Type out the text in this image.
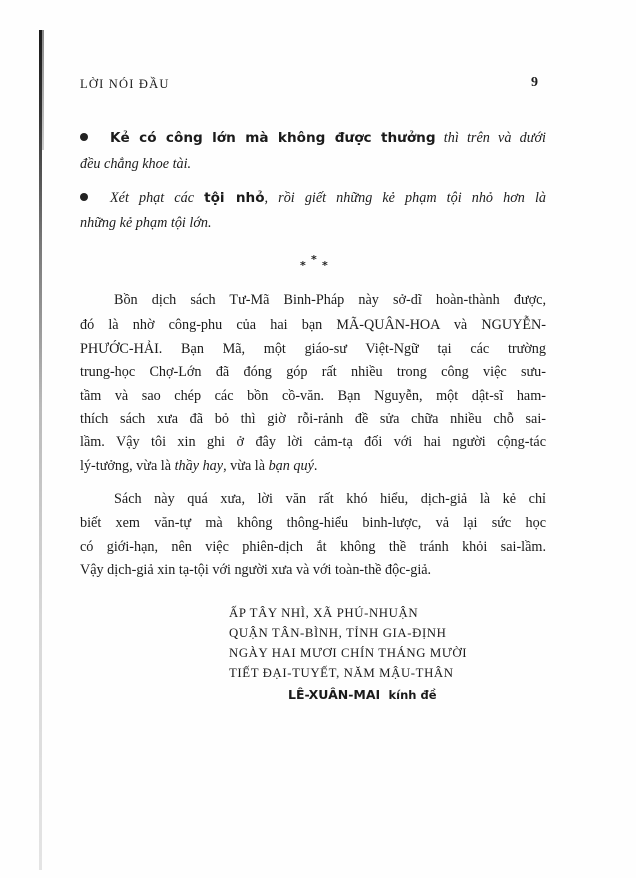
LỜI NÓI ĐẦU	9
Kẻ có công lớn mà không được thưởng thì trên và dưới
đều chẳng khoe tài.
Xét phạt các tội nhỏ, rồi giết những kẻ phạm tội nhỏ hơn là
những kẻ phạm tội lớn.
* * *
Bồn dịch sách Tư-Mã Binh-Pháp này sở-dĩ hoàn-thành được,
đó là nhờ công-phu của hai bạn MÃ-QUÂN-HOA và NGUYỄN-
PHƯỚC-HẢI. Bạn Mã, một giáo-sư Việt-Ngữ tại các trường
trung-học Chợ-Lớn đã đóng góp rất nhiều trong công việc sưu-
tầm và sao chép các bồn cồ-văn. Bạn Nguyễn, một dật-sĩ ham-
thích sách xưa đã bỏ thì giờ rỗi-rảnh đề sửa chữa nhiều chỗ sai-
lầm. Vậy tôi xin ghi ở đây lời cảm-tạ đối với hai người cộng-tác
lý-tưởng, vừa là thầy hay, vừa là bạn quý.
Sách này quá xưa, lời văn rất khó hiểu, dịch-giả là kẻ chỉ
biết xem văn-tự mà không thông-hiểu binh-lược, vả lại sức học
có giới-hạn, nên việc phiên-dịch ắt không thề tránh khỏi sai-lầm.
Vậy dịch-giả xin tạ-tội với người xưa và với toàn-thề độc-giả.
ẤP TÂY NHÌ, XÃ PHÚ-NHUẬN
QUẬN TÂN-BÌNH, TỈNH GIA-ĐỊNH
NGÀY HAI MƯƠI CHÍN THÁNG MƯỜI
TIẾT ĐẠI-TUYẾT, NĂM MẬU-THÂN
LÊ-XUÂN-MAI kính đề
